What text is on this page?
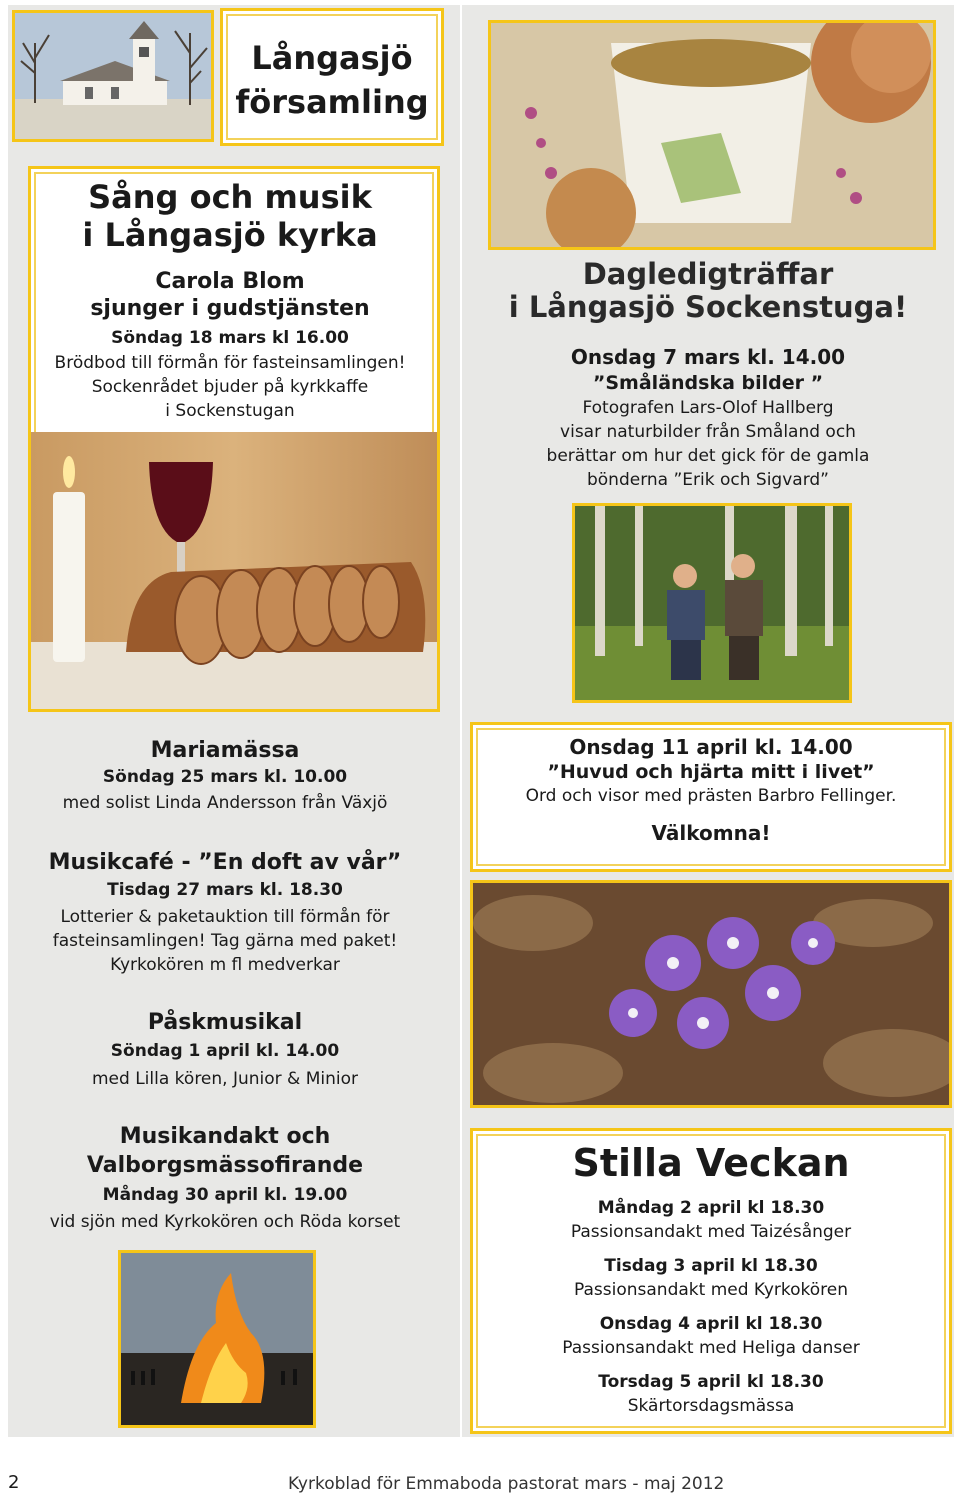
Långasjö
församling
Sång och musik
i Långasjö kyrka
Carola Blom
sjunger i gudstjänsten
Söndag 18 mars kl 16.00
Brödbod till förmån för fasteinsamlingen!
Sockenrådet bjuder på kyrkkaffe
i Sockenstugan
Dagledigträffar
i Långasjö Sockenstuga!
Onsdag 7 mars kl. 14.00
”Småländska bilder ”
Fotografen Lars-Olof Hallberg
visar naturbilder från Småland och
berättar om hur det gick för de gamla
bönderna ”Erik och Sigvard”
Mariamässa
Söndag 25 mars kl. 10.00
med solist Linda Andersson från Växjö
Musikcafé - ”En doft av vår”
Tisdag 27 mars kl. 18.30
Lotterier & paketauktion till förmån för
fasteinsamlingen! Tag gärna med paket!
Kyrkokören m fl medverkar
Påskmusikal
Söndag 1 april kl. 14.00
med Lilla kören, Junior & Minior
Musikandakt och
Valborgsmässofirande
Måndag 30 april kl. 19.00
vid sjön med Kyrkokören och Röda korset
Onsdag 11 april kl. 14.00
”Huvud och hjärta mitt i livet”
Ord och visor med prästen Barbro Fellinger.
Välkomna!
Stilla Veckan
Måndag 2 april kl 18.30
Passionsandakt med Taizésånger
Tisdag 3 april kl 18.30
Passionsandakt med Kyrkokören
Onsdag 4 april kl 18.30
Passionsandakt med Heliga danser
Torsdag 5 april kl 18.30
Skärtorsdagsmässa
2	Kyrkoblad för Emmaboda pastorat mars - maj 2012
